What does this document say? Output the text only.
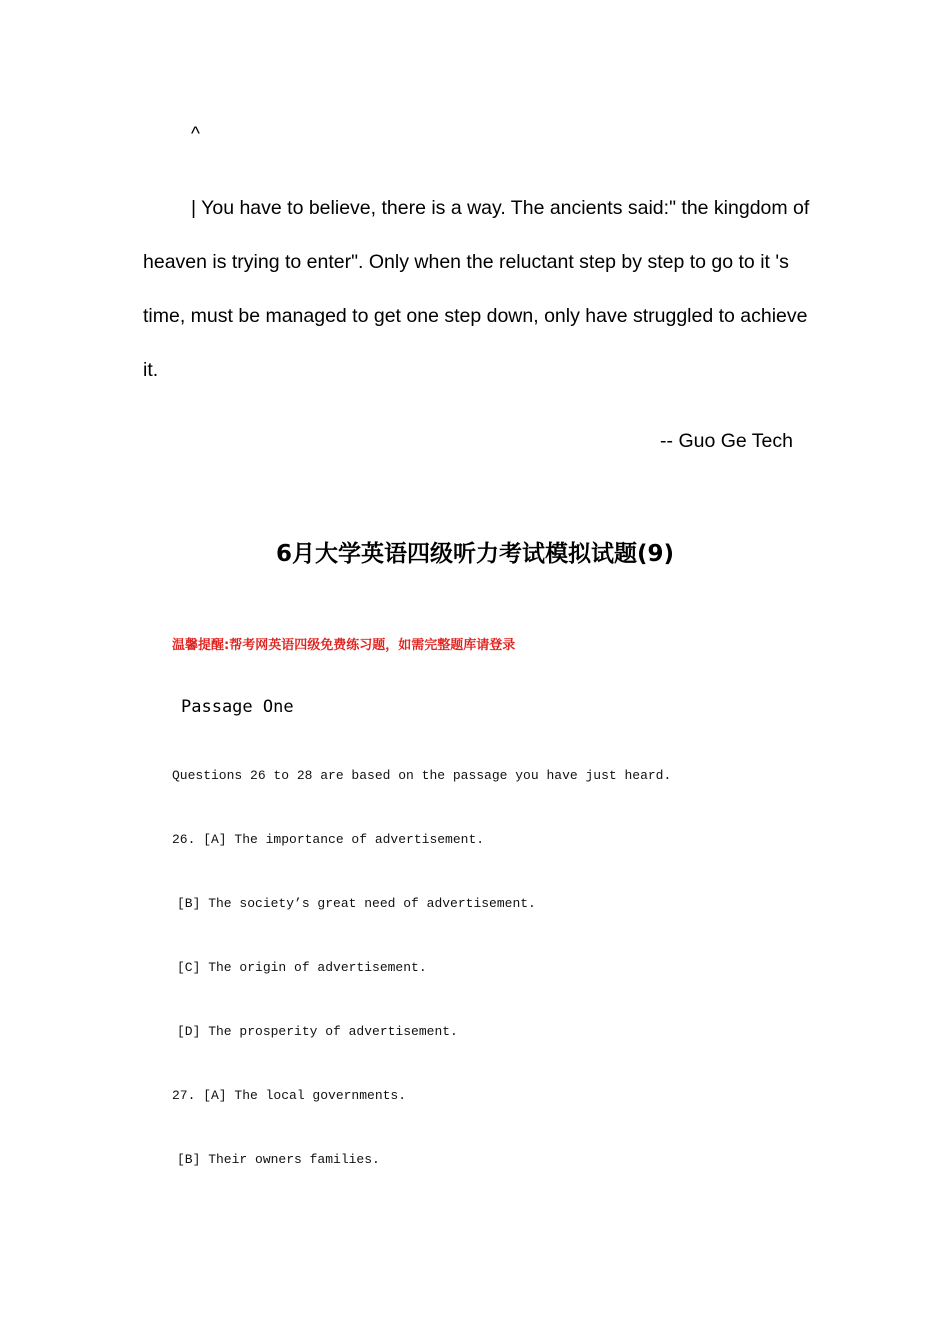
^
| You have to believe, there is a way. The ancients said:" the kingdom of
heaven is trying to enter". Only when the reluctant step by step to go to it 's
time, must be managed to get one step down, only have struggled to achieve
it.
-- Guo Ge Tech
6月大学英语四级听力考试模拟试题(9)
温馨提醒:帮考网英语四级免费练习题，如需完整题库请登录
Passage One
Questions 26 to 28 are based on the passage you have just heard.
26. [A] The importance of advertisement.
[B] The society’s great need of advertisement.
[C] The origin of advertisement.
[D] The prosperity of advertisement.
27. [A] The local governments.
[B] Their owners families.
